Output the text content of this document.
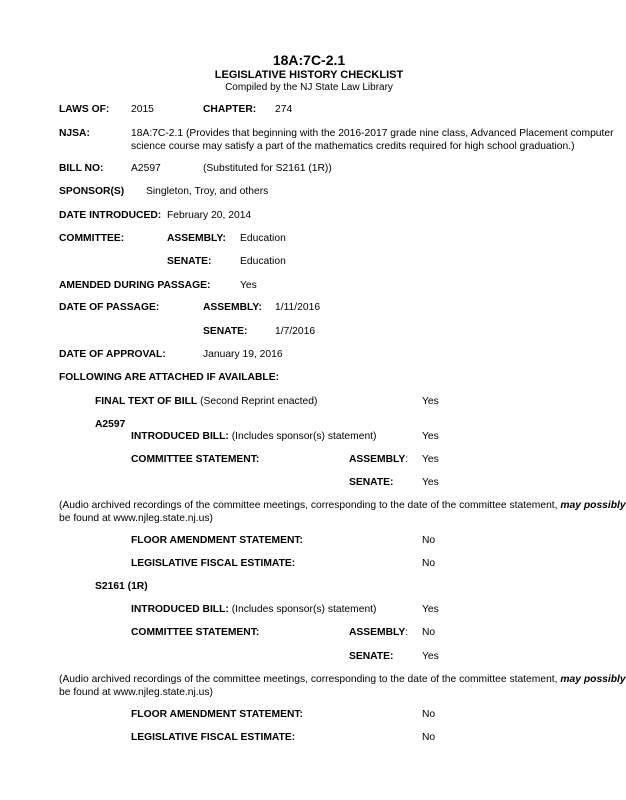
18A:7C-2.1
LEGISLATIVE HISTORY CHECKLIST
Compiled by the NJ State Law Library
LAWS OF: 2015	CHAPTER: 274
NJSA:	18A:7C-2.1 (Provides that beginning with the 2016-2017 grade nine class, Advanced Placement computer
science course may satisfy a part of the mathematics credits required for high school graduation.)
BILL NO:	A2597	(Substituted for S2161 (1R))
SPONSOR(S) Singleton, Troy, and others
DATE INTRODUCED: February 20, 2014
COMMITTEE:	ASSEMBLY: Education
SENATE:	Education
AMENDED DURING PASSAGE:	Yes
DATE OF PASSAGE:	ASSEMBLY: 1/11/2016
SENATE:	1/7/2016
DATE OF APPROVAL:	January 19, 2016
FOLLOWING ARE ATTACHED IF AVAILABLE:
FINAL TEXT OF BILL (Second Reprint enacted)	Yes
A2597
INTRODUCED BILL: (Includes sponsor(s) statement)	Yes
COMMITTEE STATEMENT:	ASSEMBLY: Yes
SENATE:	Yes
(Audio archived recordings of the committee meetings, corresponding to the date of the committee statement, may possibly
be found at www.njleg.state.nj.us)
FLOOR AMENDMENT STATEMENT:	No
LEGISLATIVE FISCAL ESTIMATE:	No
S2161 (1R)
INTRODUCED BILL: (Includes sponsor(s) statement)	Yes
COMMITTEE STATEMENT:	ASSEMBLY: No
SENATE:	Yes
(Audio archived recordings of the committee meetings, corresponding to the date of the committee statement, may possibly
be found at www.njleg.state.nj.us)
FLOOR AMENDMENT STATEMENT:	No
LEGISLATIVE FISCAL ESTIMATE:	No
